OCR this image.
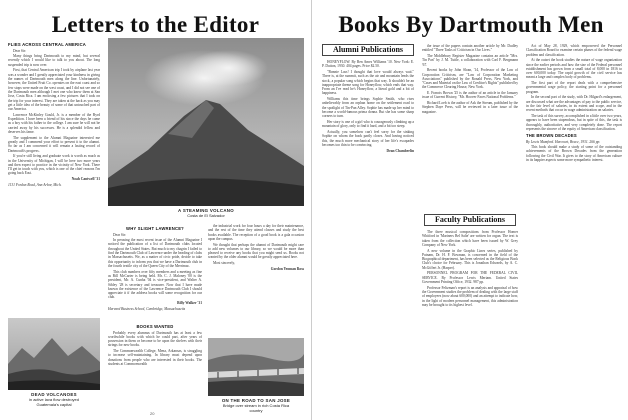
Letters to the Editor
FLIES ACROSS CENTRAL AMERICA

Dear Sir:

Many things bring Dartmouth to my mind, but several recently which I would like to talk to you about. The long suspended trip is now over.

First, that Central American trip I took by airplane last year was a wonder and I greatly appreciated your kindness in giving the names of Dartmouth men along the line. Unfortunately, however, the United Fruit Co. operates on the east coast and so few stops were made on the west coast, and I did not see one of the Dartmouth men although I met one who knew them at San Jose, Costa Rica. I am enclosing a few pictures that I took on the trip for your interest. They are taken at the back as you may get a little idea of the beauty of some of that untouched part of our America.

Lawrence McKinley Gould, Jr. is a member of the Byrd Expedition. I have been a friend of his since the days he came as a boy with his father to the college. I am sure he will not be carried away by his successes. He is a splendid fellow and deserves his fame.

The supplement to the Alumni Magazine interested me greatly and I commend your effort to present it to the alumni. So far as I am concerned it will remain a lasting record of Dartmouth's progress.

If you're still living and graduate work is worth as much as in the University of Michigan, I will be here two more years and then expect to practice in the vicinity of New York. There I'll get in touch with you, which is one of the chief reasons I'm going back East.

Noah Cantwell '31

1131 Fordon Road, Ann Arbor, Mich.

DEAD VOLCANOES
in active lava flow destroyed
Guatemala's capital
A STEAMING VOLCANO
Costa de El Salvador
WHY SLIGHT LAWRENCE?

Dear Sir:

In perusing the most recent issue of the Alumni Magazine I noticed the publication of a list of Dartmouth clubs located throughout the United States. But much to my chagrin I failed to find the Dartmouth Club of Lawrence under the heading of clubs in Massachusetts. We, as a matter of civic pride, decide to take this opportunity to inform you that we have a Dartmouth club in the fourth textile city of the Queen City of the Merrimac.

This club numbers over fifty members and a meeting as fine as Bill McCarter is being held. Mr. C. J. Maloney '00 is the president, Mr. A. Cunha '04 is vice-president, and Walter A. Sibley '28 is secretary and treasurer. Now that I have made known the existence of the Lawrence Dartmouth Club I should appreciate it if the address books will some recognition for our club.

Billy Walker '31

Harvard Business School, Cambridge, Massachusetts

the industrial work for four hours a day for their maintenance, and the rest of the time they attend classes and study the best books available. The reception of a good book is a gala occasion upon the campus.

We thought that perhaps the alumni of Dartmouth might care to add new volumes to our library, so we would be more than pleased to receive any books that you might send us. Books not wanted by the older alumni would be greatly appreciated here.

Most sincerely,

Gordon Yeoman Ross

BOOKS WANTED

Probably every alumnus of Dartmouth has at least a few worthwhile books with which he could part, after years of possession in them or become to be upon the shelves with their strings for new books.

The Commonwealth College, Mena, Arkansas, is struggling to increase self-maintaining. In library must depend upon donations from people who are interested in their books. The students at Commonwealth

ON THE ROAD TO SAN JOSE
Bridge over stream in rich Costa Rica
country
20
Books By Dartmouth Men
Alumni Publications

HONEYFLOW. By Ben Ames Williams '10. New York: E. P. Dutton, 1930. 404 pages. Price $2.50.

"Bonnie Lass! I thought that love would always wait." There is, at the summit, such as the air and mountain lends the stock, a popular song which begins that way. It shouldn't be an inappropriate theme song for Honeyflow, which ends that way. From an I've read he's Honeyflow, a literal gold and a bit of happiness.

Williams this time brings Sophie Smith, who rises unbelievably from an orphan home on the settlement road to the spotlight of Tin-Pan Alley. Sophie has made up her mind to become a world-famous prima donna. But she has some sharp corners to turn.

Her story is one of a girl who is courageously climbing up a mountain of glory, only to find it hard, and a bit too steep.

Actually, you somehow can't feel sorry for the sinking Sophie on whom the book partly closes. And having noticed this, the much more mechanical story of her life's escapades becomes too thin to be convincing.

Dean Chamberlin

the issue of the papers contain another article by Mr. Dudley entitled "Three Tasks of Criticism in Our Lives."

The Middlebury Register Magazine contains an article "Mrs. Tin Pan" by J. M. Tuttle, a collaboration with Carl F. Bergmann '67.

Recent books by John Sloan, '14, Professor of the Law of Corporation Criticism, are "Law of Corporation Marketing Associations" published by the Ronald Press, New York, and "Cases and Material on the Law of Creditor's Rights" published by the Commerce Clearing House, New York.

E. Francis Brown '25 is the author of an article in the January issue of Current History, "Mr. Hoover Faces National Problems."

Richard Loeb is the author of Ask the Stream, published by the Stephen Daye Press, will be reviewed in a later issue of the magazine.

Faculty Publications

The three musical compositions from Professor Homer Whitford in 'Mariners Bel Salte' are written for organ. The text is taken from the collection which have been issued by W. Grey Company of New York.

A new volume in the Graphic Lines series, published by Putnam, Dr. H. F. Bowman, is concerned in the field of the Biographical department, has been selected as the Religious Book Club's choice for February. This is Jonathan Edwards, by A. C. McGiffert Jr. (Harper).

PERSONNEL PROGRAM FOR THE FEDERAL CIVIL SERVICE. By Professor Lewis Meriam. United States Government Printing Office, 1932. 987 pp.

Professor Feltzman's report is an analysis and appraisal of how the Government studies the problem of dealing with the large staff of employees (now about 600,000) and an attempt to indicate how, in the light of modern personnel management, this administration may be brought to its highest level.

Act of May 28, 1929, which empowered the Personnel Classification Board to examine certain phases of the federal wage problem and classification.

At the outset the book studies the nature of wage organization since the earlier periods and how the size of the Federal personnel establishment has grown from a small total of 8,000 in 1816 to over 600,000 today. The rapid growth of the civil service has meant a large and complex body of problems.

The first part of the report deals with a comprehensive governmental wage policy, the starting point for a personnel program.

In the second part of the study, with Dr. Hilgard's enlargement, are discussed what are the advantages of pay to the public service, in the fair level of salaries, in its extent and scope, and in the recent methods that occur in wage administration on salaries.

The task of this survey, accomplished in a little over two years, appears to have been stupendous, but in spite of this, the task is thoroughly, authoritative, and very completely done. The report represents the sincere of the equity of American classification.

THE BROWN DECADES

By Lewis Mumford. Harcourt, Brace, 1931. 266 pp.

This book should make a study of some of the outstanding achievements of the Brown Decades from the generation following the Civil War. It gives to the story of American culture in its happier aspects some more sympathetic interest.
